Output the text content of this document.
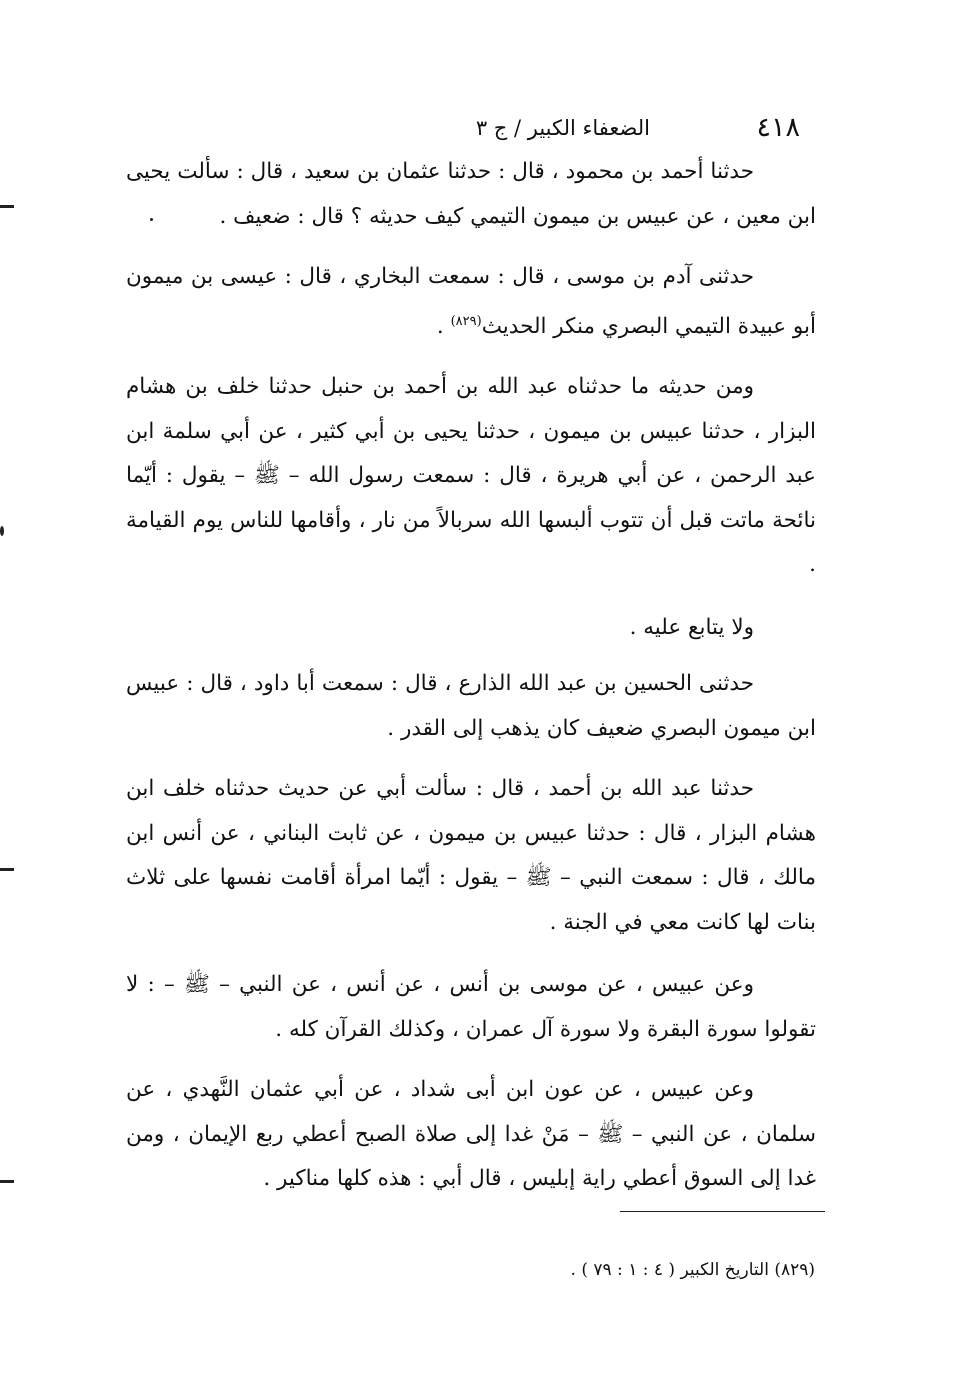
٤١٨
الضعفاء الكبير / ج ٣

حدثنا أحمد بن محمود ، قال : حدثنا عثمان بن سعيد ، قال : سألت يحيى ابن معين ، عن عبيس بن ميمون التيمي كيف حديثه ؟ قال : ضعيف .

حدثنى آدم بن موسى ، قال : سمعت البخاري ، قال : عيسى بن ميمون أبو عبيدة التيمي البصري منكر الحديث$^{(٨٢٩)}$ .

ومن حديثه ما حدثناه عبد الله بن أحمد بن حنبل حدثنا خلف بن هشام البزار ، حدثنا عبيس بن ميمون ، حدثنا يحيى بن أبي كثير ، عن أبي سلمة ابن عبد الرحمن ، عن أبي هريرة ، قال : سمعت رسول الله – ﷺ – يقول : أيّما نائحة ماتت قبل أن تتوب ألبسها الله سربالاً من نار ، وأقامها للناس يوم القيامة .

ولا يتابع عليه .

حدثنى الحسين بن عبد الله الذارع ، قال : سمعت أبا داود ، قال : عبيس ابن ميمون البصري ضعيف كان يذهب إلى القدر .

حدثنا عبد الله بن أحمد ، قال : سألت أبي عن حديث حدثناه خلف ابن هشام البزار ، قال : حدثنا عبيس بن ميمون ، عن ثابت البناني ، عن أنس ابن مالك ، قال : سمعت النبي – ﷺ – يقول : أيّما امرأة أقامت نفسها على ثلاث بنات لها كانت معي في الجنة .

وعن عبيس ، عن موسى بن أنس ، عن أنس ، عن النبي – ﷺ – : لا تقولوا سورة البقرة ولا سورة آل عمران ، وكذلك القرآن كله .

وعن عبيس ، عن عون ابن أبى شداد ، عن أبي عثمان النَّهدي ، عن سلمان ، عن النبي – ﷺ – مَنْ غدا إلى صلاة الصبح أعطي ربع الإيمان ، ومن غدا إلى السوق أعطي راية إبليس ، قال أبي : هذه كلها مناكير .

(٨٢٩) التاريخ الكبير ( ٤ : ١ : ٧٩ ) .
